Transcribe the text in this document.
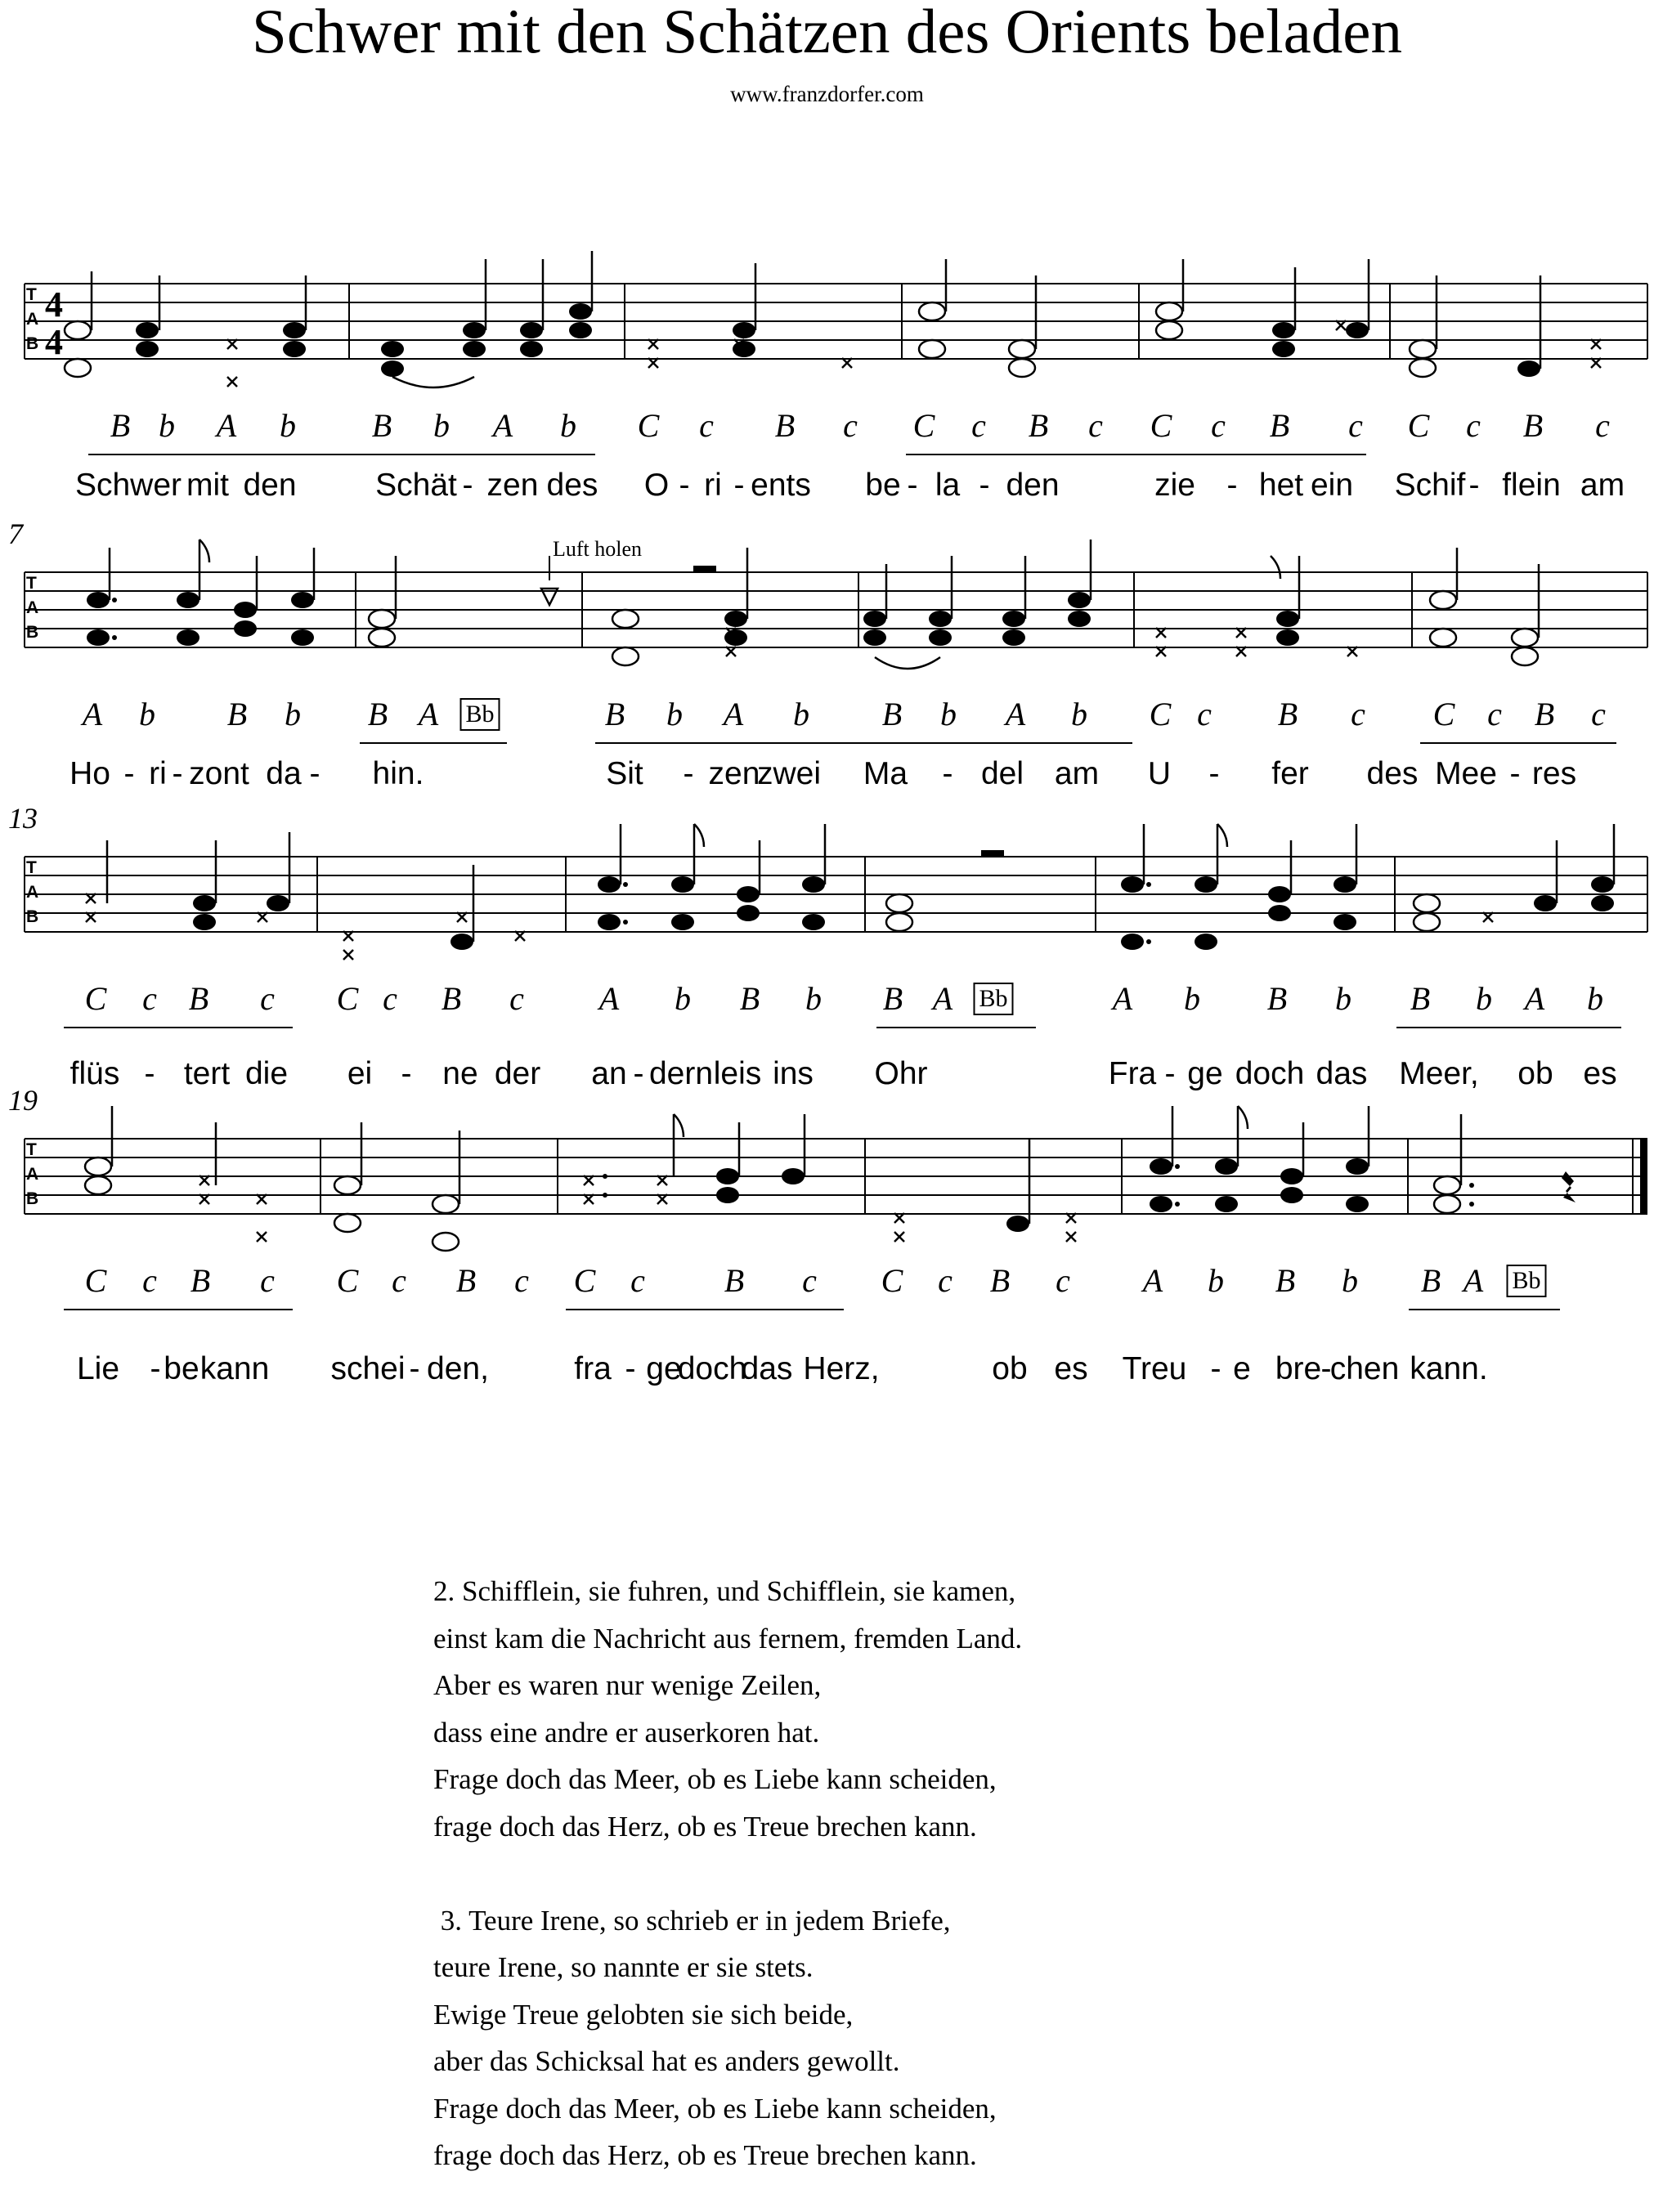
Schwer mit den Schätzen des Orients beladen
www.franzdorfer.com
T
A
B
4
4
B b A b B b A b C c B c C c B c C c B c C c B c
Schwer mit den Schät - zen des O - ri - ents be - la - den	zie - het ein Schif - flein am
7	Luft holen
T
A
B
A b B b B A Bb	B b A b B b A b C c B c C c B c
Ho - ri - zont da - hin.	Sit - zen
zwei Ma - del am U - fer des Mee - res
13
T
A
B
C c B c C c B c A b B b B A Bb	A b B b B b A b
flüs - tert die ei - ne der an - dern leis ins Ohr	Fra - ge doch das Meer, ob es
19
T
A
B
C c B c C c B c C c B c C c B c A b B b B A Bb
Lie - be kann schei - den,	fra - ge
doch
das Herz,	ob es Treu - e bre -
chen kann.
2. Schifflein, sie fuhren, und Schifflein, sie kamen,
einst kam die Nachricht aus fernem, fremden Land.
Aber es waren nur wenige Zeilen,
dass eine andre er auserkoren hat.
Frage doch das Meer, ob es Liebe kann scheiden,
frage doch das Herz, ob es Treue brechen kann.
3. Teure Irene, so schrieb er in jedem Briefe,
teure Irene, so nannte er sie stets.
Ewige Treue gelobten sie sich beide,
aber das Schicksal hat es anders gewollt.
Frage doch das Meer, ob es Liebe kann scheiden,
frage doch das Herz, ob es Treue brechen kann.
